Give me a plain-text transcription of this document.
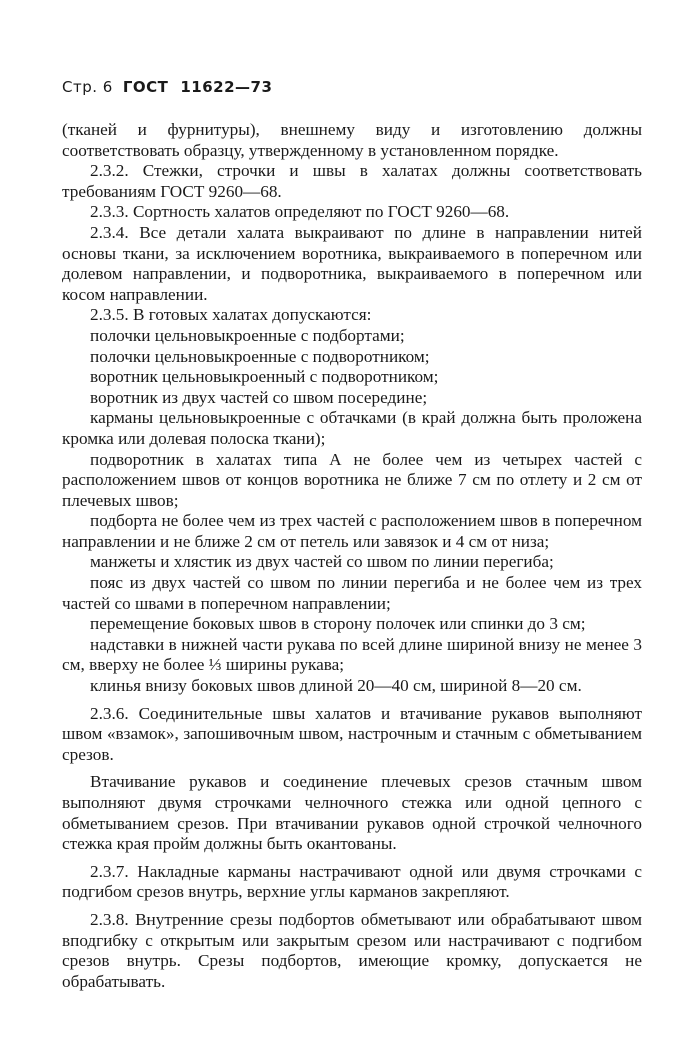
Стр. 6 ГОСТ 11622—73

(тканей и фурнитуры), внешнему виду и изготовлению должны соответствовать образцу, утвержденному в установленном порядке.

2.3.2. Стежки, строчки и швы в халатах должны соответствовать требованиям ГОСТ 9260—68.

2.3.3. Сортность халатов определяют по ГОСТ 9260—68.

2.3.4. Все детали халата выкраивают по длине в направлении нитей основы ткани, за исключением воротника, выкраиваемого в поперечном или долевом направлении, и подворотника, выкраиваемого в поперечном или косом направлении.

2.3.5. В готовых халатах допускаются:

полочки цельновыкроенные с подбортами;

полочки цельновыкроенные с подворотником;

воротник цельновыкроенный с подворотником;

воротник из двух частей со швом посередине;

карманы цельновыкроенные с обтачками (в край должна быть проложена кромка или долевая полоска ткани);

подворотник в халатах типа А не более чем из четырех частей с расположением швов от концов воротника не ближе 7 см по отлету и 2 см от плечевых швов;

подборта не более чем из трех частей с расположением швов в поперечном направлении и не ближе 2 см от петель или завязок и 4 см от низа;

манжеты и хлястик из двух частей со швом по линии перегиба;

пояс из двух частей со швом по линии перегиба и не более чем из трех частей со швами в поперечном направлении;

перемещение боковых швов в сторону полочек или спинки до 3 см;

надставки в нижней части рукава по всей длине шириной внизу не менее 3 см, вверху не более ⅓ ширины рукава;

клинья внизу боковых швов длиной 20—40 см, шириной 8—20 см.

2.3.6. Соединительные швы халатов и втачивание рукавов выполняют швом «взамок», запошивочным швом, настрочным и стачным с обметыванием срезов.

Втачивание рукавов и соединение плечевых срезов стачным швом выполняют двумя строчками челночного стежка или одной цепного с обметыванием срезов. При втачивании рукавов одной строчкой челночного стежка края пройм должны быть окантованы.

2.3.7. Накладные карманы настрачивают одной или двумя строчками с подгибом срезов внутрь, верхние углы карманов закрепляют.

2.3.8. Внутренние срезы подбортов обметывают или обрабатывают швом вподгибку с открытым или закрытым срезом или настрачивают с подгибом срезов внутрь. Срезы подбортов, имеющие кромку, допускается не обрабатывать.
